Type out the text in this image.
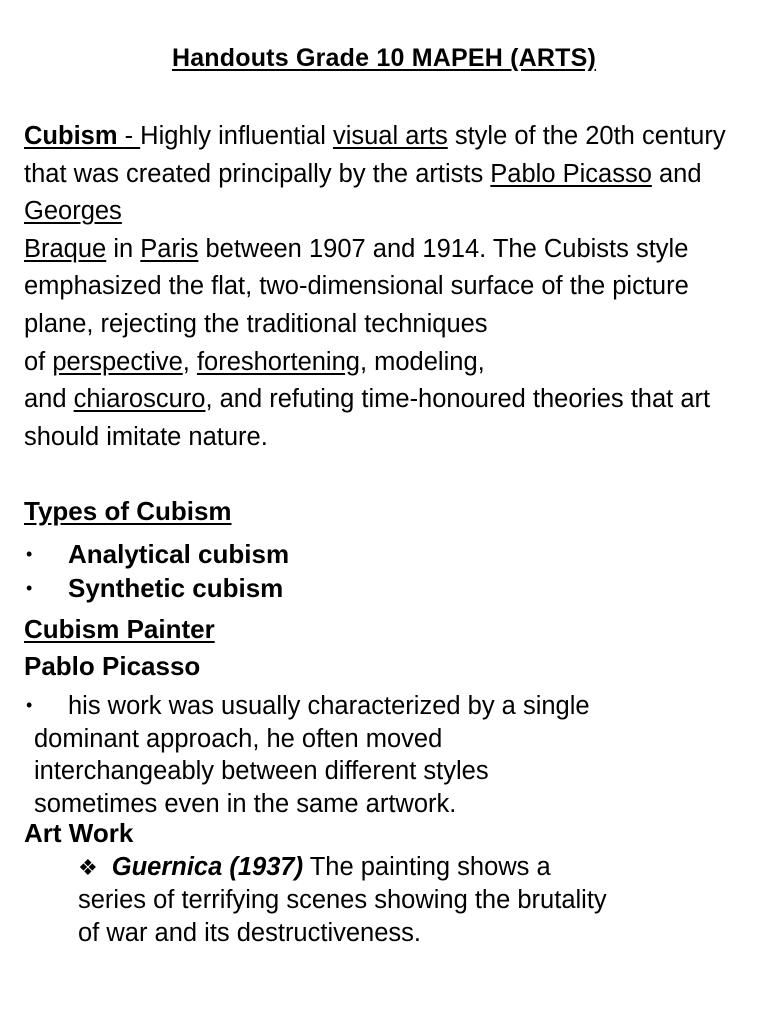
Handouts Grade 10 MAPEH (ARTS)

Cubism - Highly influential visual arts style of the 20th century that was created principally by the artists Pablo Picasso and Georges
Braque in Paris between 1907 and 1914. The Cubists style emphasized the flat, two-dimensional surface of the picture plane, rejecting the traditional techniques
of perspective, foreshortening, modeling,
and chiaroscuro, and refuting time-honoured theories that art should imitate nature.

Types of Cubism
• Analytical cubism
• Synthetic cubism
Cubism Painter
Pablo Picasso

• his work was usually characterized by a single
dominant approach, he often moved
interchangeably between different styles
sometimes even in the same artwork.

Art Work

❖ Guernica (1937) The painting shows a
series of terrifying scenes showing the brutality
of war and its destructiveness.
